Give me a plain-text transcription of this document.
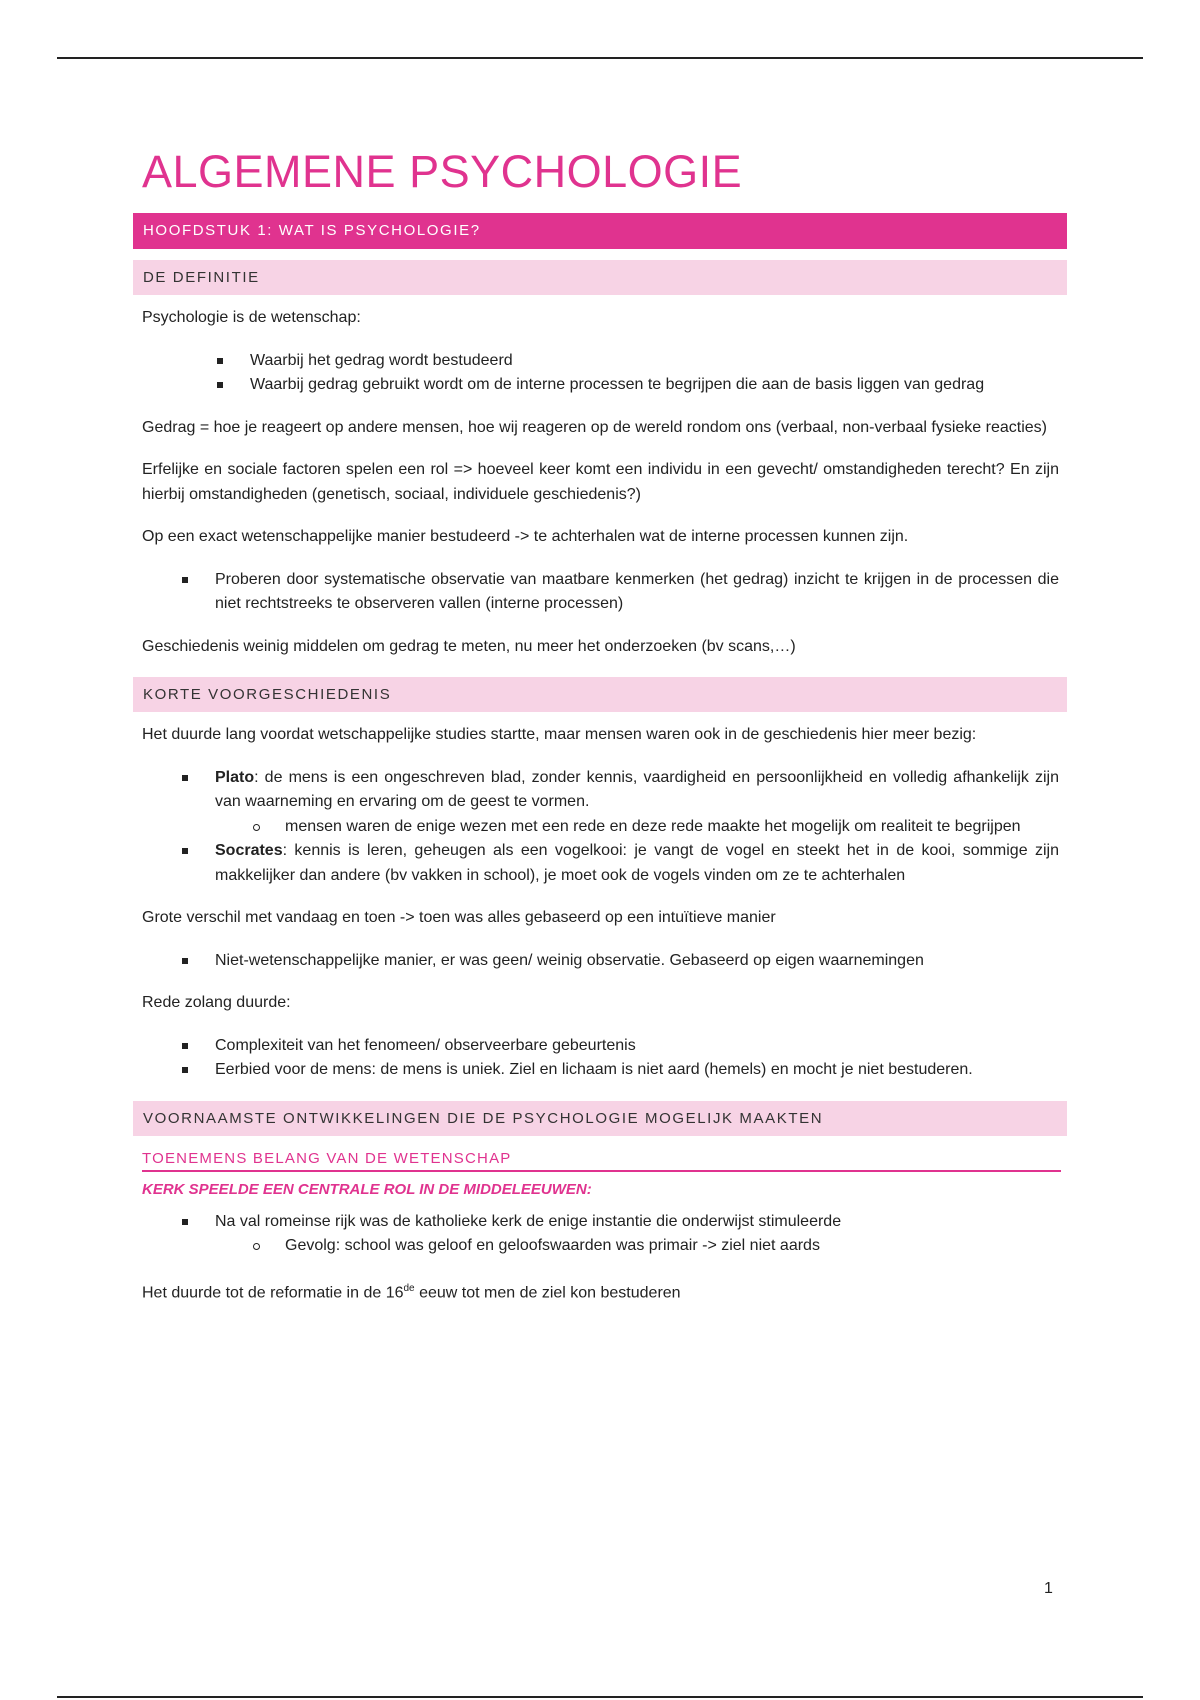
ALGEMENE PSYCHOLOGIE
HOOFDSTUK 1: WAT IS PSYCHOLOGIE?
DE DEFINITIE

Psychologie is de wetenschap:

Waarbij het gedrag wordt bestudeerd
Waarbij gedrag gebruikt wordt om de interne processen te begrijpen die aan de basis liggen van gedrag

Gedrag = hoe je reageert op andere mensen, hoe wij reageren op de wereld rondom ons (verbaal, non-verbaal fysieke reacties)

Erfelijke en sociale factoren spelen een rol => hoeveel keer komt een individu in een gevecht/ omstandigheden terecht? En zijn hierbij omstandigheden (genetisch, sociaal, individuele geschiedenis?)

Op een exact wetenschappelijke manier bestudeerd -> te achterhalen wat de interne processen kunnen zijn.

Proberen door systematische observatie van maatbare kenmerken (het gedrag) inzicht te krijgen in de processen die niet rechtstreeks te observeren vallen (interne processen)

Geschiedenis weinig middelen om gedrag te meten, nu meer het onderzoeken (bv scans,…)

KORTE VOORGESCHIEDENIS

Het duurde lang voordat wetschappelijke studies startte, maar mensen waren ook in de geschiedenis hier meer bezig:

Plato: de mens is een ongeschreven blad, zonder kennis, vaardigheid en persoonlijkheid en volledig afhankelijk zijn van waarneming en ervaring om de geest te vormen.
mensen waren de enige wezen met een rede en deze rede maakte het mogelijk om realiteit te begrijpen
Socrates: kennis is leren, geheugen als een vogelkooi: je vangt de vogel en steekt het in de kooi, sommige zijn makkelijker dan andere (bv vakken in school), je moet ook de vogels vinden om ze te achterhalen

Grote verschil met vandaag en toen -> toen was alles gebaseerd op een intuïtieve manier

Niet-wetenschappelijke manier, er was geen/ weinig observatie. Gebaseerd op eigen waarnemingen

Rede zolang duurde:

Complexiteit van het fenomeen/ observeerbare gebeurtenis
Eerbied voor de mens: de mens is uniek. Ziel en lichaam is niet aard (hemels) en mocht je niet bestuderen.
VOORNAAMSTE ONTWIKKELINGEN DIE DE PSYCHOLOGIE MOGELIJK MAAKTEN
TOENEMENS BELANG VAN DE WETENSCHAP
KERK SPEELDE EEN CENTRALE ROL IN DE MIDDELEEUWEN:
Na val romeinse rijk was de katholieke kerk de enige instantie die onderwijst stimuleerde
Gevolg: school was geloof en geloofswaarden was primair -> ziel niet aards

Het duurde tot de reformatie in de 16de eeuw tot men de ziel kon bestuderen

1
